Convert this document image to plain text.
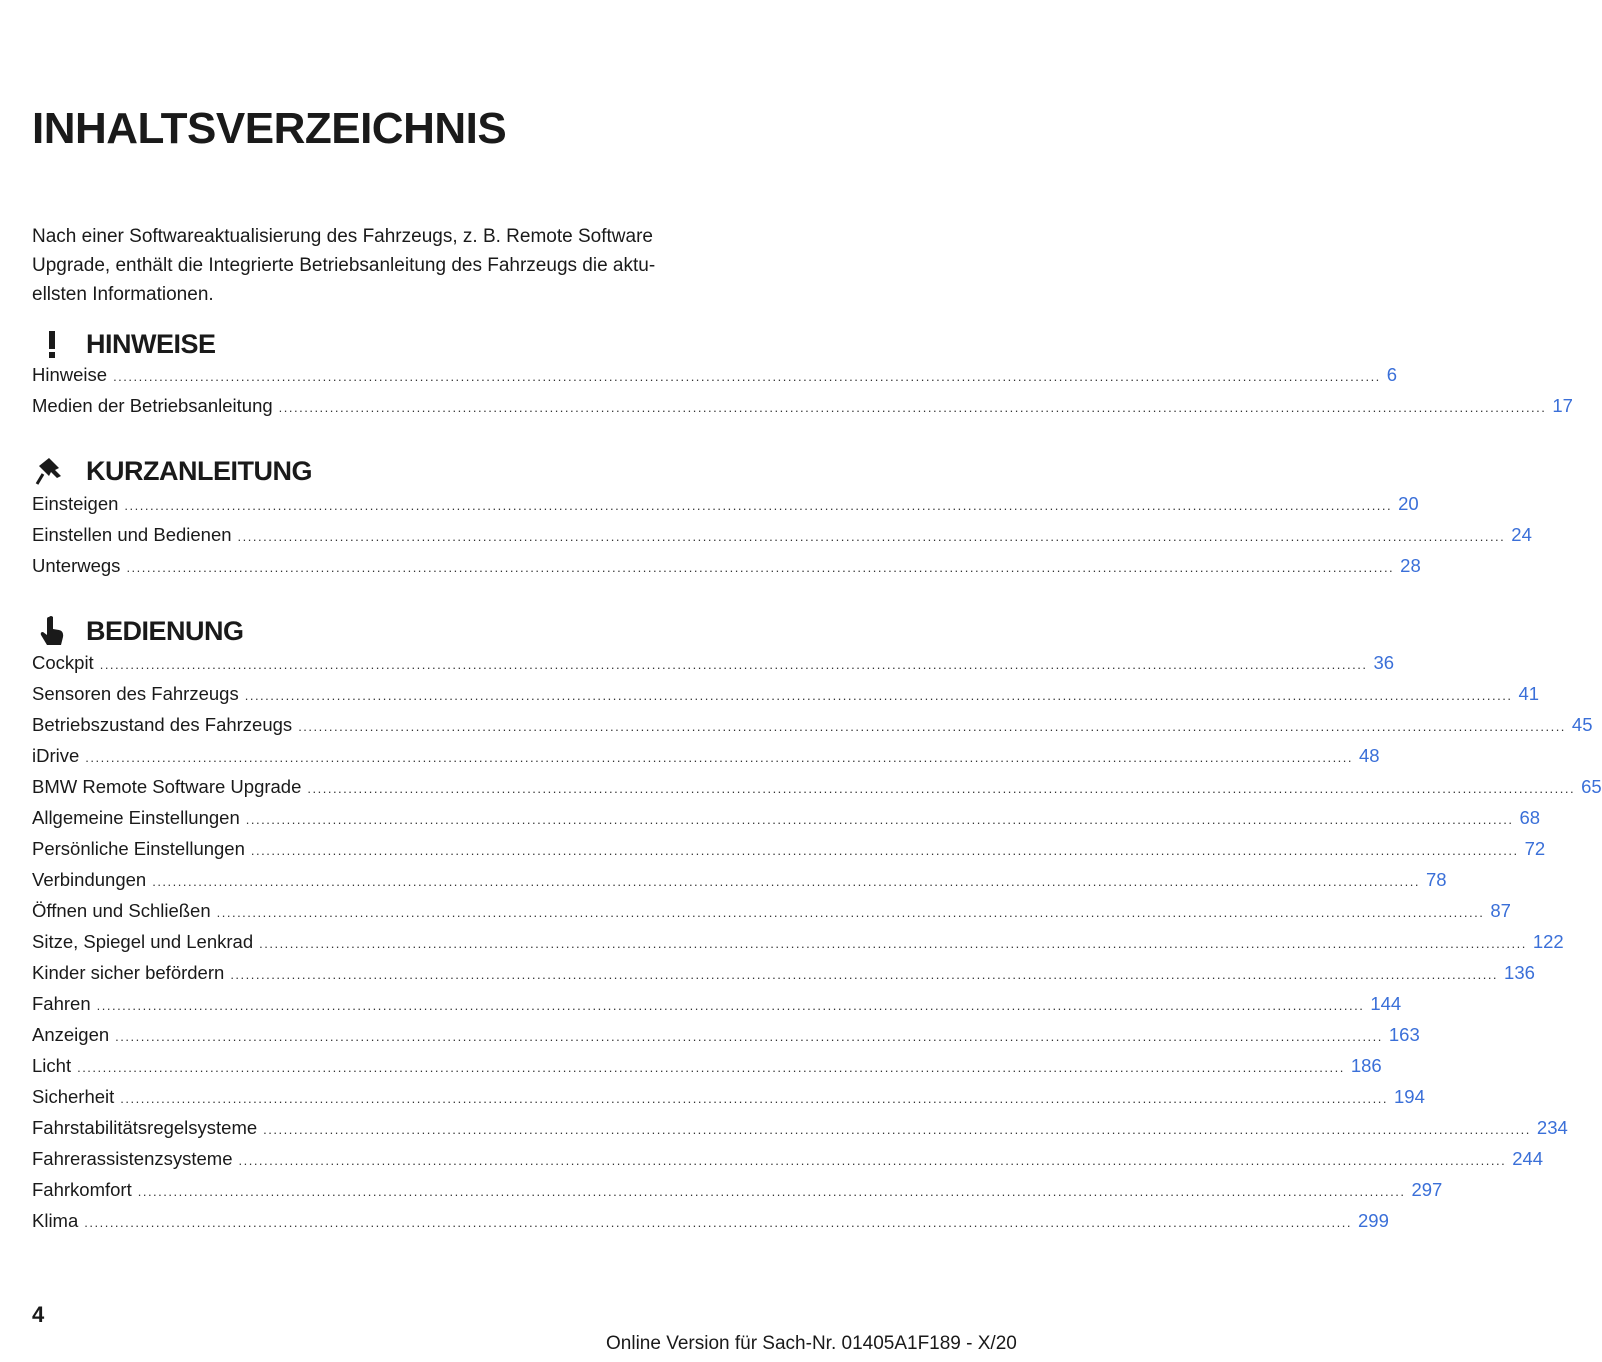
INHALTSVERZEICHNIS
Nach einer Softwareaktualisierung des Fahrzeugs, z. B. Remote Software Upgrade, enthält die Integrierte Betriebsanleitung des Fahrzeugs die aktuellsten Informationen.
HINWEISE
Hinweise .....	6
Medien der Betriebsanleitung .....	17
KURZANLEITUNG
Einsteigen .....	20
Einstellen und Bedienen .....	24
Unterwegs .....	28
BEDIENUNG
Cockpit .....	36
Sensoren des Fahrzeugs .....	41
Betriebszustand des Fahrzeugs .....	45
iDrive .....	48
BMW Remote Software Upgrade .....	65
Allgemeine Einstellungen .....	68
Persönliche Einstellungen .....	72
Verbindungen .....	78
Öffnen und Schließen .....	87
Sitze, Spiegel und Lenkrad .....	122
Kinder sicher befördern .....	136
Fahren .....	144
Anzeigen .....	163
Licht .....	186
Sicherheit .....	194
Fahrstabilitätsregelsysteme .....	234
Fahrerassistenzsysteme .....	244
Fahrkomfort .....	297
Klima .....	299
4
Online Version für Sach-Nr. 01405A1F189 - X/20
